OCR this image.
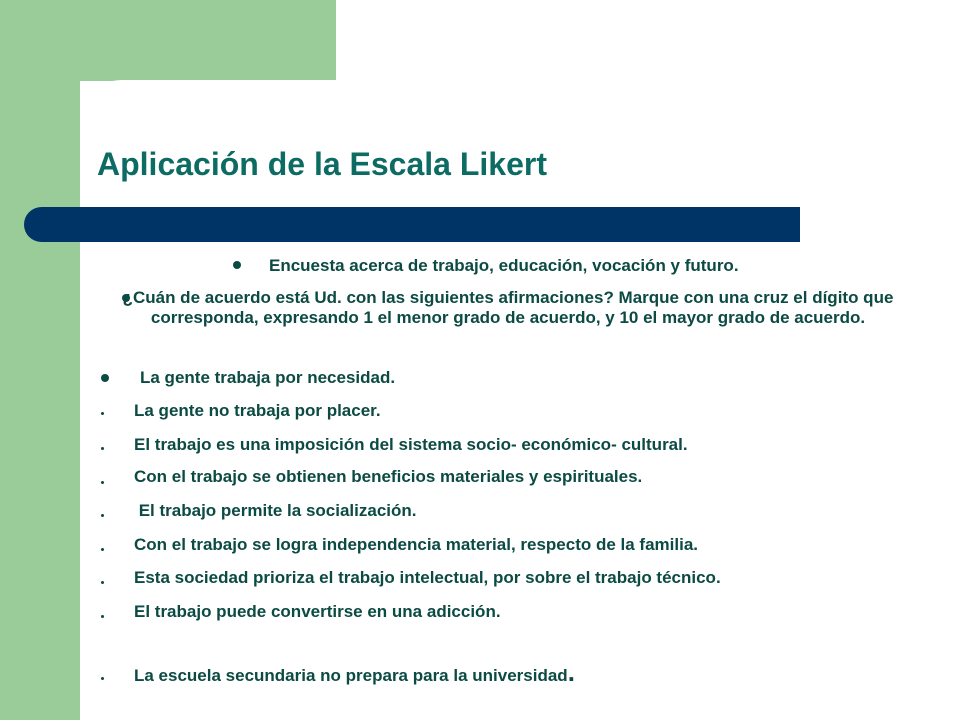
Aplicación de la Escala Likert
Encuesta acerca de trabajo, educación, vocación y futuro.
¿Cuán de acuerdo está Ud. con las siguientes afirmaciones? Marque con una cruz el dígito que corresponda, expresando 1 el menor grado de acuerdo, y 10 el mayor grado de acuerdo.
La gente trabaja por necesidad.
La gente no trabaja por placer.
El trabajo es una imposición del sistema socio- económico- cultural.
Con el trabajo se obtienen beneficios materiales y espirituales.
El trabajo permite la socialización.
Con el trabajo se logra independencia material, respecto de la familia.
Esta sociedad prioriza el trabajo intelectual, por sobre el trabajo técnico.
El trabajo puede convertirse en una adicción.
La escuela secundaria no prepara para la universidad.
